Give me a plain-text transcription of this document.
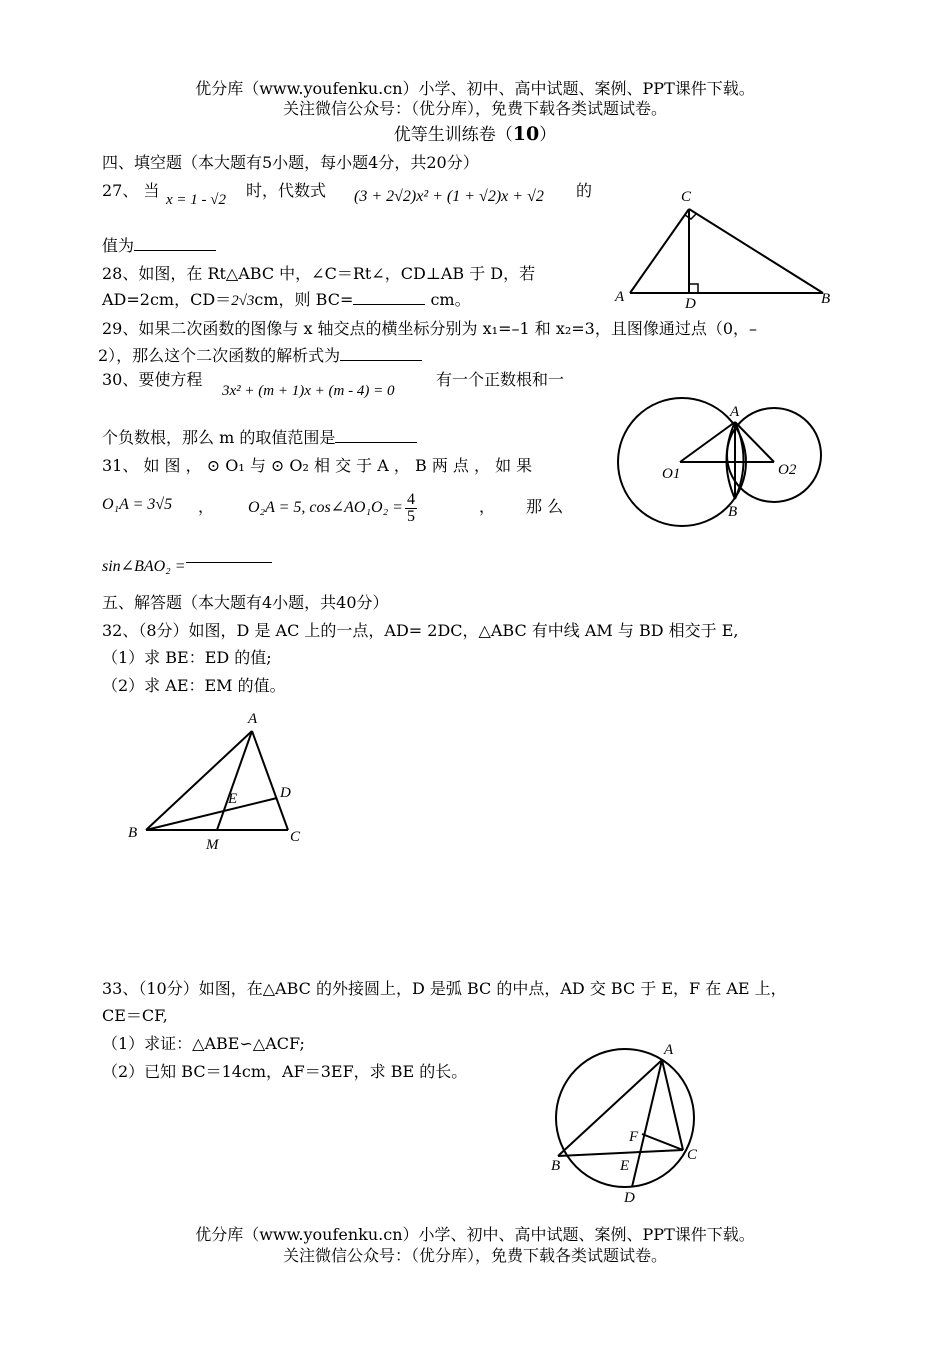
优分库（www.youfenku.cn）小学、初中、高中试题、案例、PPT课件下载。
关注微信公众号：（优分库），免费下载各类试题试卷。
优等生训练卷（10）
四、填空题（本大题有5小题，每小题4分，共20分）
27、 当 x = 1 - √2 时，代数式 (3 + 2√2)x² + (1 + √2)x + √2 的
值为
28、如图，在 Rt△ABC 中，∠C＝Rt∠，CD⊥AB 于 D，若
AD=2cm，CD＝2√3cm，则 BC=	cm。
C
A	D	B
29、如果二次函数的图像与 x 轴交点的横坐标分别为 x₁=–1 和 x₂=3，且图像通过点（0，–
2），那么这个二次函数的解析式为
30、要使方程
3x² + (m + 1)x + (m - 4) = 0
有一个正数根和一
个负数根，那么 m 的取值范围是
A
O1	O2
B
31、 如 图 ， ⊙ O₁ 与 ⊙ O₂ 相 交 于 A ， B 两 点 ， 如 果
O₁A = 3√5 ， O₂A = 5, cos∠AO₁O₂ = $\frac{4}{5}$	， 那 么
sin∠BAO₂ =
五、解答题（本大题有4小题，共40分）
32、（8分）如图，D 是 AC 上的一点，AD= 2DC，△ABC 有中线 AM 与 BD 相交于 E,
（1）求 BE：ED 的值;
（2）求 AE：EM 的值。
A
D
E
B
M	C
33、（10分）如图，在△ABC 的外接圆上，D 是弧 BC 的中点，AD 交 BC 于 E，F 在 AE 上，
CE＝CF,
（1）求证：△ABE∽△ACF;
（2）已知 BC＝14cm，AF＝3EF，求 BE 的长。
A
F
B	E
C
D
优分库（www.youfenku.cn）小学、初中、高中试题、案例、PPT课件下载。
关注微信公众号：（优分库），免费下载各类试题试卷。
